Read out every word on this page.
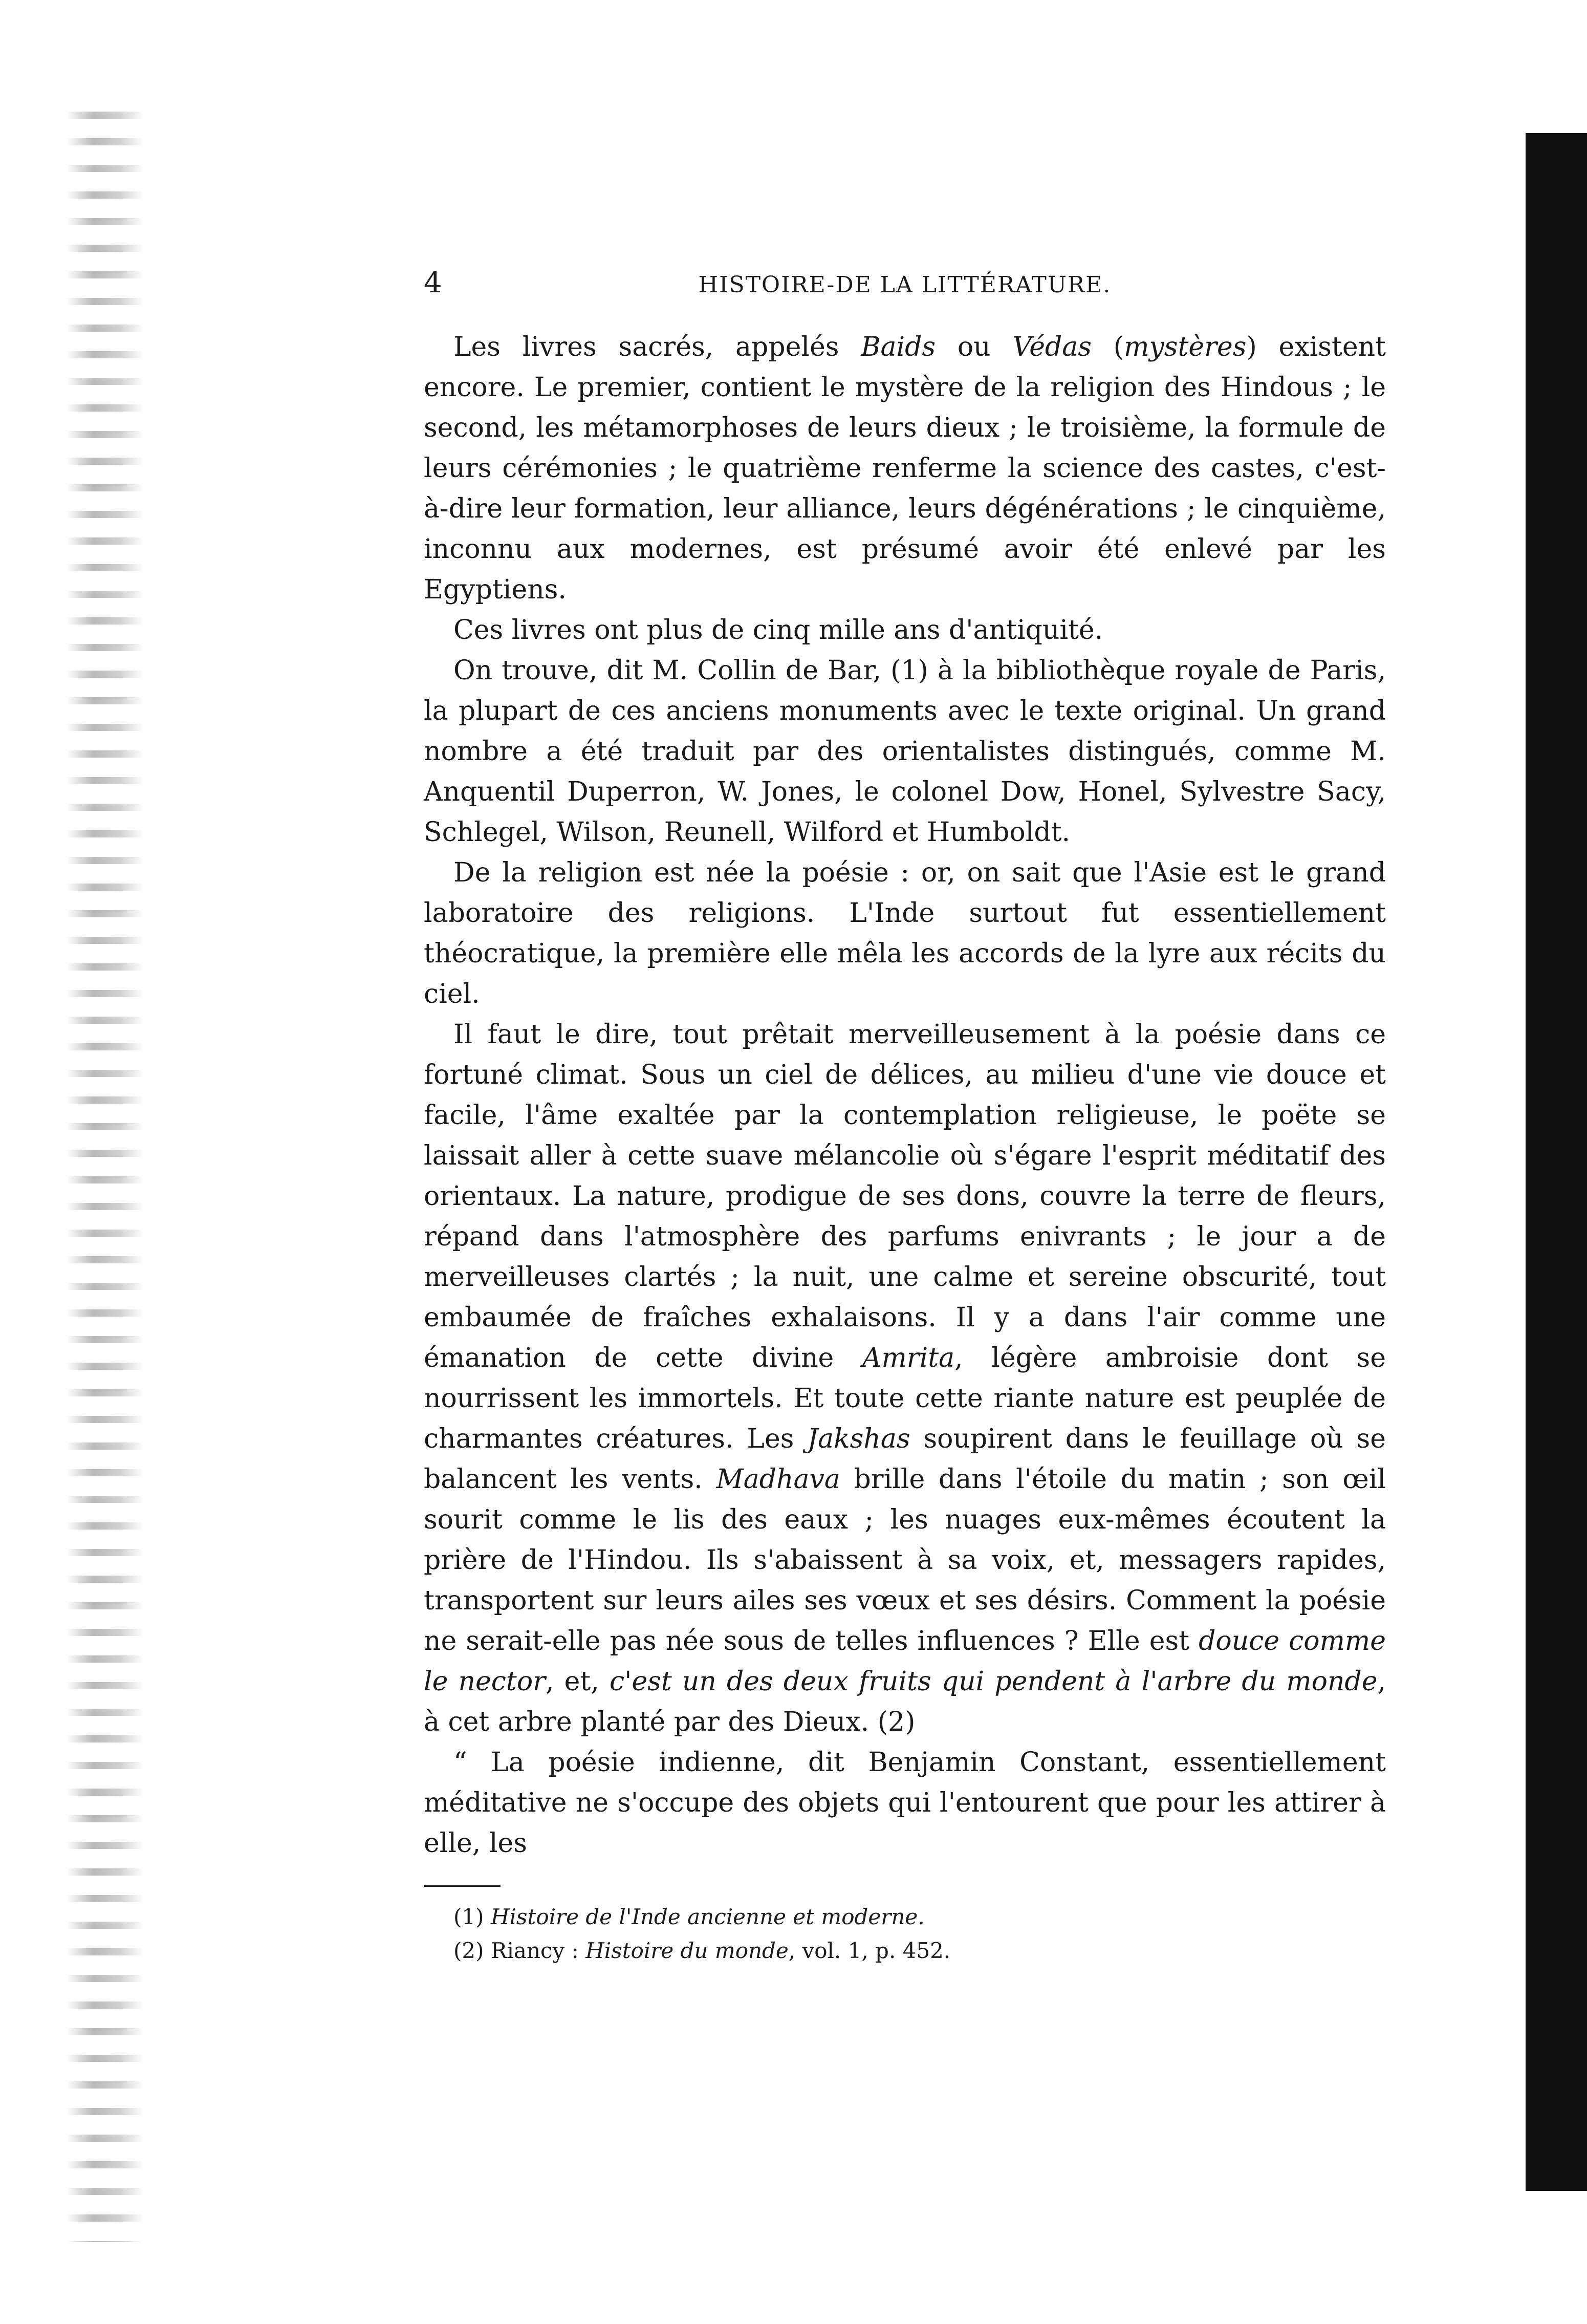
4	HISTOIRE-DE LA LITTÉRATURE.

Les livres sacrés, appelés Baids ou Védas (mystères) existent encore. Le premier, contient le mystère de la religion des Hindous ; le second, les métamorphoses de leurs dieux ; le troisième, la formule de leurs cérémonies ; le quatrième renferme la science des castes, c'est-à-dire leur formation, leur alliance, leurs dégénérations ; le cinquième, inconnu aux modernes, est présumé avoir été enlevé par les Egyptiens.

Ces livres ont plus de cinq mille ans d'antiquité.

On trouve, dit M. Collin de Bar, (1) à la bibliothèque royale de Paris, la plupart de ces anciens monuments avec le texte original. Un grand nombre a été traduit par des orientalistes distingués, comme M. Anquentil Duperron, W. Jones, le colonel Dow, Honel, Sylvestre Sacy, Schlegel, Wilson, Reunell, Wilford et Humboldt.

De la religion est née la poésie : or, on sait que l'Asie est le grand laboratoire des religions. L'Inde surtout fut essentiellement théocratique, la première elle mêla les accords de la lyre aux récits du ciel.

Il faut le dire, tout prêtait merveilleusement à la poésie dans ce fortuné climat. Sous un ciel de délices, au milieu d'une vie douce et facile, l'âme exaltée par la contemplation religieuse, le poëte se laissait aller à cette suave mélancolie où s'égare l'esprit méditatif des orientaux. La nature, prodigue de ses dons, couvre la terre de fleurs, répand dans l'atmosphère des parfums enivrants ; le jour a de merveilleuses clartés ; la nuit, une calme et sereine obscurité, tout embaumée de fraîches exhalaisons. Il y a dans l'air comme une émanation de cette divine Amrita, légère ambroisie dont se nourrissent les immortels. Et toute cette riante nature est peuplée de charmantes créatures. Les Jakshas soupirent dans le feuillage où se balancent les vents. Madhava brille dans l'étoile du matin ; son œil sourit comme le lis des eaux ; les nuages eux-mêmes écoutent la prière de l'Hindou. Ils s'abaissent à sa voix, et, messagers rapides, transportent sur leurs ailes ses vœux et ses désirs. Comment la poésie ne serait-elle pas née sous de telles influences ? Elle est douce comme le nector, et, c'est un des deux fruits qui pendent à l'arbre du monde, à cet arbre planté par des Dieux. (2)

“ La poésie indienne, dit Benjamin Constant, essentiellement méditative ne s'occupe des objets qui l'entourent que pour les attirer à elle, les

(1) Histoire de l'Inde ancienne et moderne.

(2) Riancy : Histoire du monde, vol. 1, p. 452.
